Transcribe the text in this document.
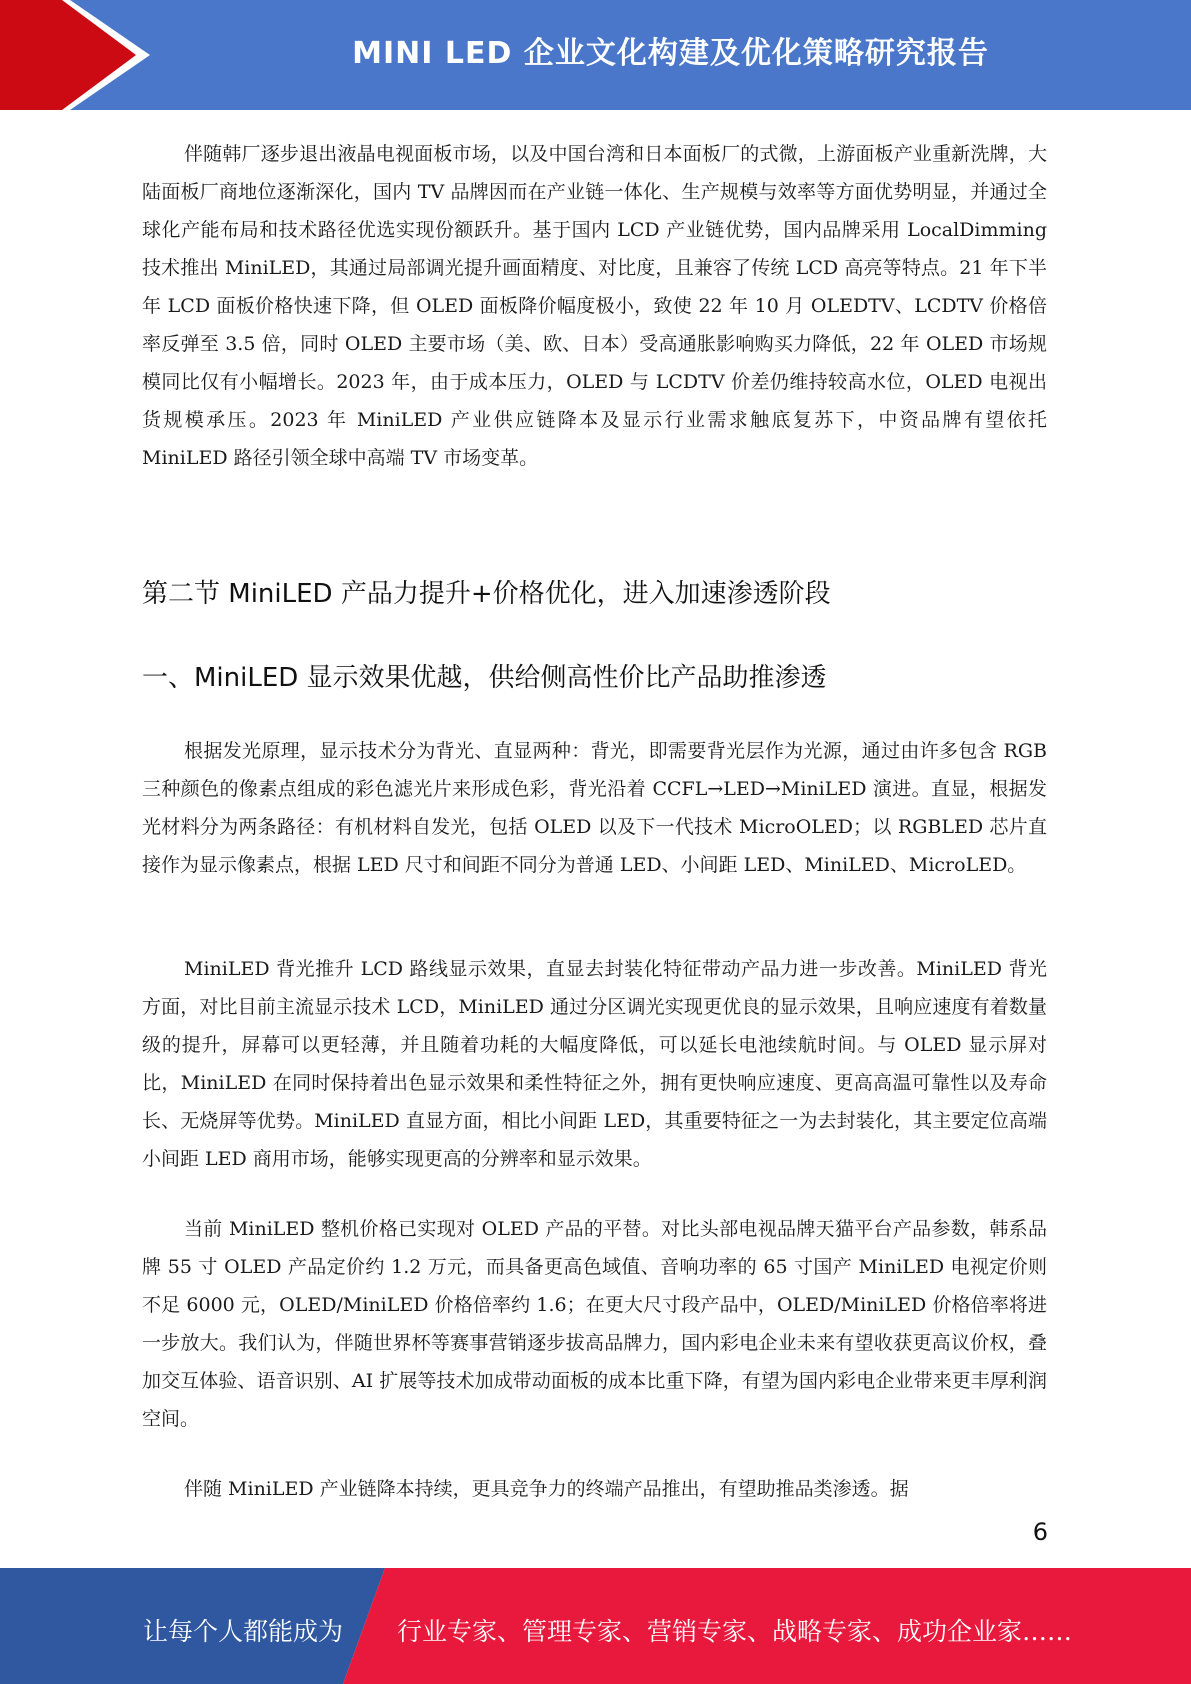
MINI LED 企业文化构建及优化策略研究报告

伴随韩厂逐步退出液晶电视面板市场，以及中国台湾和日本面板厂的式微，上游面板产业重新洗牌，大陆面板厂商地位逐渐深化，国内 TV 品牌因而在产业链一体化、生产规模与效率等方面优势明显，并通过全球化产能布局和技术路径优选实现份额跃升。基于国内 LCD 产业链优势，国内品牌采用 LocalDimming 技术推出 MiniLED，其通过局部调光提升画面精度、对比度，且兼容了传统 LCD 高亮等特点。21 年下半年 LCD 面板价格快速下降，但 OLED 面板降价幅度极小，致使 22 年 10 月 OLEDTV、LCDTV 价格倍率反弹至 3.5 倍，同时 OLED 主要市场（美、欧、日本）受高通胀影响购买力降低，22 年 OLED 市场规模同比仅有小幅增长。2023 年，由于成本压力，OLED 与 LCDTV 价差仍维持较高水位，OLED 电视出货规模承压。2023 年 MiniLED 产业供应链降本及显示行业需求触底复苏下，中资品牌有望依托 MiniLED 路径引领全球中高端 TV 市场变革。

第二节 MiniLED 产品力提升+价格优化，进入加速渗透阶段
一、MiniLED 显示效果优越，供给侧高性价比产品助推渗透

根据发光原理，显示技术分为背光、直显两种：背光，即需要背光层作为光源，通过由许多包含 RGB 三种颜色的像素点组成的彩色滤光片来形成色彩，背光沿着 CCFL→LED→MiniLED 演进。直显，根据发光材料分为两条路径：有机材料自发光，包括 OLED 以及下一代技术 MicroOLED；以 RGBLED 芯片直接作为显示像素点，根据 LED 尺寸和间距不同分为普通 LED、小间距 LED、MiniLED、MicroLED。

MiniLED 背光推升 LCD 路线显示效果，直显去封装化特征带动产品力进一步改善。MiniLED 背光方面，对比目前主流显示技术 LCD，MiniLED 通过分区调光实现更优良的显示效果，且响应速度有着数量级的提升，屏幕可以更轻薄，并且随着功耗的大幅度降低，可以延长电池续航时间。与 OLED 显示屏对比，MiniLED 在同时保持着出色显示效果和柔性特征之外，拥有更快响应速度、更高高温可靠性以及寿命长、无烧屏等优势。MiniLED 直显方面，相比小间距 LED，其重要特征之一为去封装化，其主要定位高端小间距 LED 商用市场，能够实现更高的分辨率和显示效果。

当前 MiniLED 整机价格已实现对 OLED 产品的平替。对比头部电视品牌天猫平台产品参数，韩系品牌 55 寸 OLED 产品定价约 1.2 万元，而具备更高色域值、音响功率的 65 寸国产 MiniLED 电视定价则不足 6000 元，OLED/MiniLED 价格倍率约 1.6；在更大尺寸段产品中，OLED/MiniLED 价格倍率将进一步放大。我们认为，伴随世界杯等赛事营销逐步拔高品牌力，国内彩电企业未来有望收获更高议价权，叠加交互体验、语音识别、AI 扩展等技术加成带动面板的成本比重下降，有望为国内彩电企业带来更丰厚利润空间。

伴随 MiniLED 产业链降本持续，更具竞争力的终端产品推出，有望助推品类渗透。据

6
让每个人都能成为 行业专家、管理专家、营销专家、战略专家、成功企业家……
